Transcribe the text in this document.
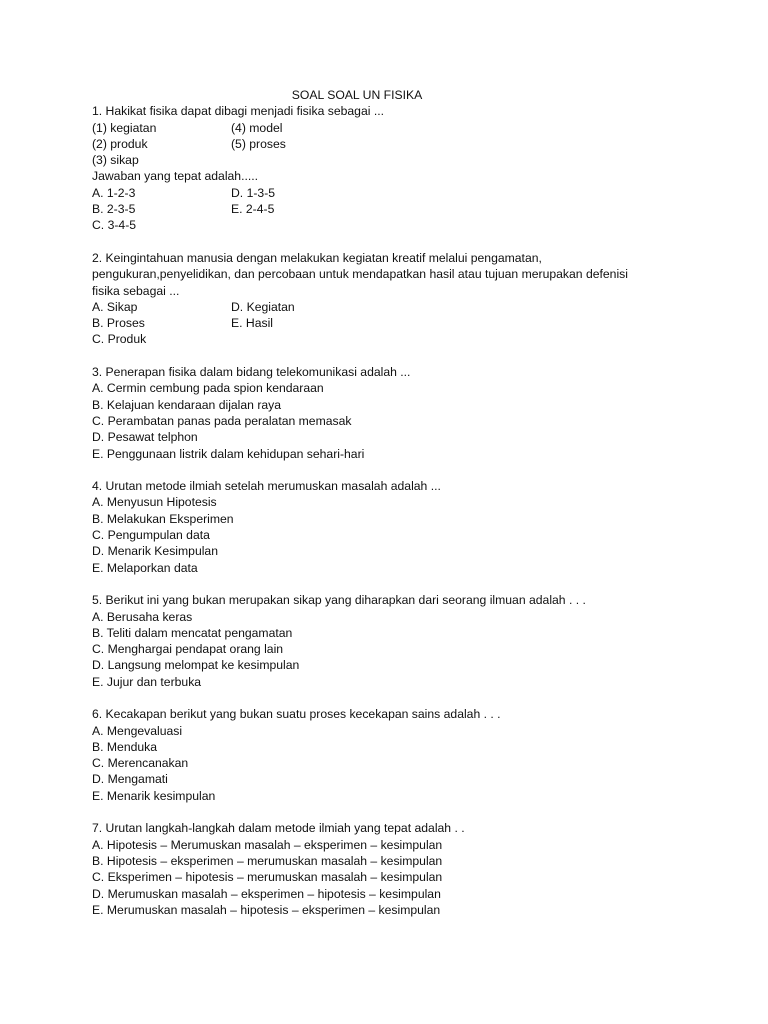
SOAL SOAL UN FISIKA
1. Hakikat fisika dapat dibagi menjadi fisika sebagai ...
(1) kegiatan	(4) model
(2) produk	(5) proses
(3) sikap
Jawaban yang tepat adalah.....
A. 1-2-3	D. 1-3-5
B. 2-3-5	E. 2-4-5
C. 3-4-5
2. Keingintahuan manusia dengan melakukan kegiatan kreatif melalui pengamatan,
pengukuran,penyelidikan, dan percobaan untuk mendapatkan hasil atau tujuan merupakan defenisi
fisika sebagai ...
A. Sikap	D. Kegiatan
B. Proses	E. Hasil
C. Produk
3. Penerapan fisika dalam bidang telekomunikasi adalah ...
A. Cermin cembung pada spion kendaraan
B. Kelajuan kendaraan dijalan raya
C. Perambatan panas pada peralatan memasak
D. Pesawat telphon
E. Penggunaan listrik dalam kehidupan sehari-hari
4. Urutan metode ilmiah setelah merumuskan masalah adalah ...
A. Menyusun Hipotesis
B. Melakukan Eksperimen
C. Pengumpulan data
D. Menarik Kesimpulan
E. Melaporkan data
5. Berikut ini yang bukan merupakan sikap yang diharapkan dari seorang ilmuan adalah . . .
A. Berusaha keras
B. Teliti dalam mencatat pengamatan
C. Menghargai pendapat orang lain
D. Langsung melompat ke kesimpulan
E. Jujur dan terbuka
6. Kecakapan berikut yang bukan suatu proses kecekapan sains adalah . . .
A. Mengevaluasi
B. Menduka
C. Merencanakan
D. Mengamati
E. Menarik kesimpulan
7. Urutan langkah-langkah dalam metode ilmiah yang tepat adalah . .
A. Hipotesis – Merumuskan masalah – eksperimen – kesimpulan
B. Hipotesis – eksperimen – merumuskan masalah – kesimpulan
C. Eksperimen – hipotesis – merumuskan masalah – kesimpulan
D. Merumuskan masalah – eksperimen – hipotesis – kesimpulan
E. Merumuskan masalah – hipotesis – eksperimen – kesimpulan
